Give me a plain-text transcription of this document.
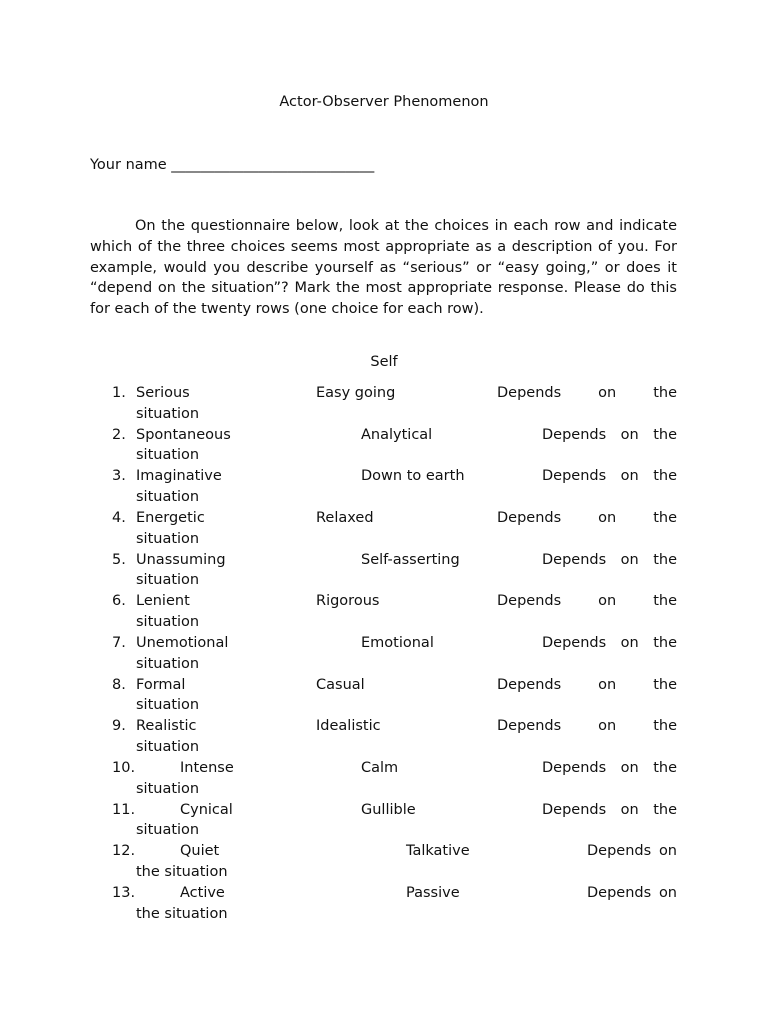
Actor-Observer Phenomenon
Your name ____________________________

On the questionnaire below, look at the choices in each row and indicate which of the three choices seems most appropriate as a description of you. For example, would you describe yourself as “serious” or “easy going,” or does it “depend on the situation”? Mark the most appropriate response. Please do this for each of the twenty rows (one choice for each row).

Self
1. Serious	Easy going	Depends	on	the
situation
2. Spontaneous	Analytical	Depends on the
situation
3. Imaginative	Down to earth	Depends on the
situation
4. Energetic	Relaxed	Depends	on	the
situation
5. Unassuming	Self-asserting	Depends on the
situation
6. Lenient	Rigorous	Depends	on	the
situation
7. Unemotional	Emotional	Depends on the
situation
8. Formal	Casual	Depends	on	the
situation
9. Realistic	Idealistic	Depends	on	the
situation
10.	Intense	Calm	Depends on the
situation
11.	Cynical	Gullible	Depends on the
situation
12.	Quiet	Talkative	Depends on
the situation
13.	Active	Passive	Depends on
the situation
